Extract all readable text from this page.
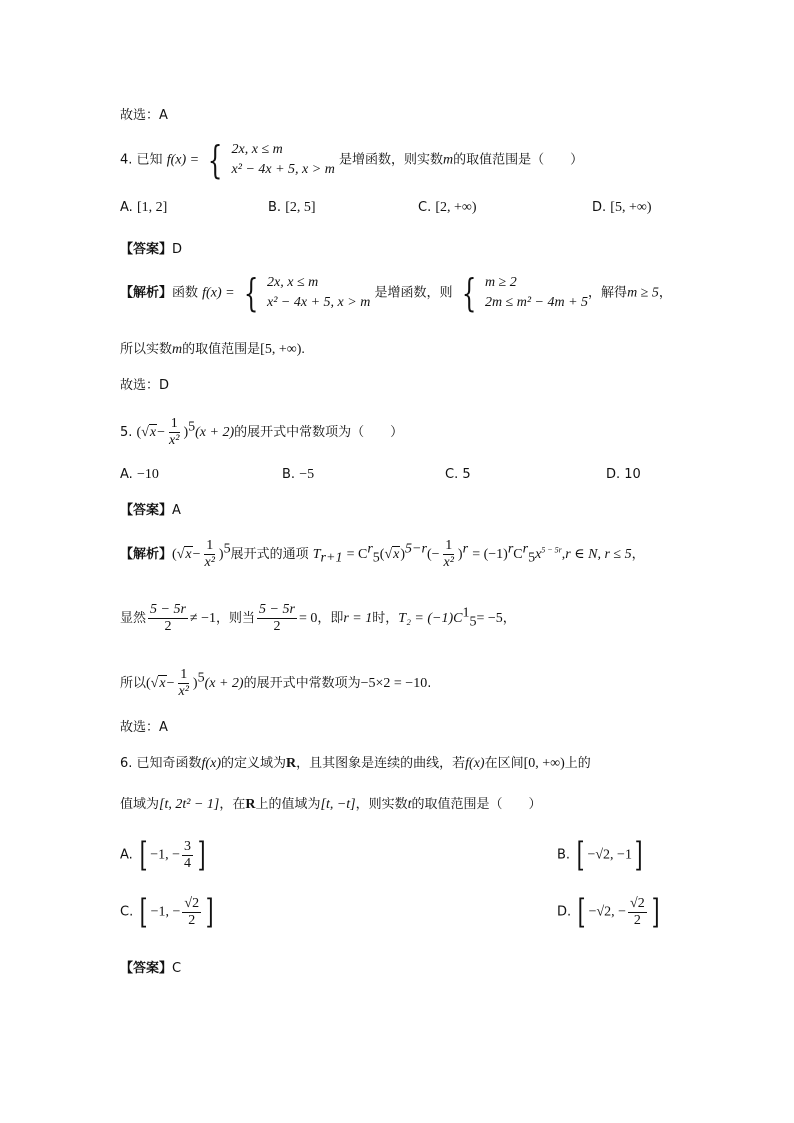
故选：A
4. 已知 f(x) = { 2x, x ≤ m
x² − 4x + 5, x > m
是增函数，则实数m的取值范围是（　　）
A. [1, 2]	B. [2, 5]	C. [2, +∞)	D. [5, +∞)
【答案】D
【解析】函数 f(x) = { 2x, x ≤ m
x² − 4x + 5, x > m
是增函数，则 { m ≥ 2
2m ≤ m² − 4m + 5
，解得m ≥ 5，
所以实数m的取值范围是[5, +∞).
故选：D
5. $(√x- \frac{1}{\text{x²}} )^5(x + 2)$的展开式中常数项为（　　）
A. −10	B. −5	C. 5	D. 10
【答案】A
【解析】$(√x- \frac{1}{\text{x²}} )^5$展开式的通项 $T_{r+1} = C^r_5(√x)^{5-r}(- \frac{1}{\text{x²}} )^r = (-1)^rC^r_5x^{5 - 5r},r$ ∈ N, r ≤ 5，
显然 $\frac{5 - 5r}{2} \ne -1$，则当 $\frac{5 - 5r}{2} = 0$，即r = 1时，$T_2 = (-1)C^1_5= -5$，
所以$(√x- \frac{1}{\text{x²}} )^5(x + 2)$的展开式中常数项为−5×2 = −10.
故选：A
6. 已知奇函数f(x)的定义域为R，且其图象是连续的曲线，若f(x)在区间[0, +∞)上的
值域为[t, 2t² − 1]，在R上的值域为[t, −t]，则实数t的取值范围是（　　）
A. [ −1, − $\frac{3}{4}$ ]	B. [ −√2, −1]
C. [ −1, − $\frac{√2}{2}$ ]	D. [ −√2, − $\frac{√2}{2}$ ]
【答案】C
